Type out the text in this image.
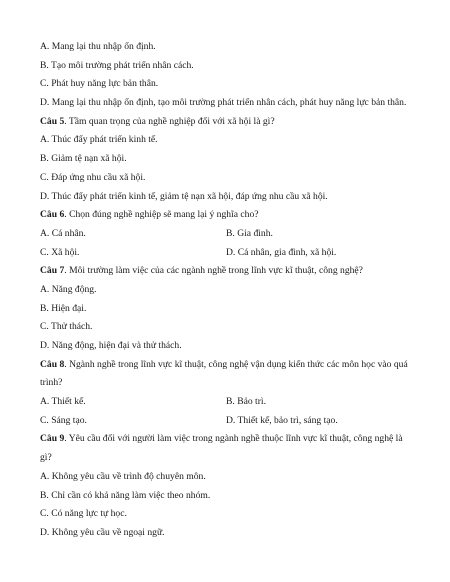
A. Mang lại thu nhập ổn định.
B. Tạo môi trường phát triển nhân cách.
C. Phát huy năng lực bản thân.
D. Mang lại thu nhập ổn định, tạo môi trường phát triển nhân cách, phát huy năng lực bản thân.
Câu 5. Tầm quan trọng của nghề nghiệp đối với xã hội là gì?
A. Thúc đẩy phát triển kinh tế.
B. Giảm tệ nạn xã hội.
C. Đáp ứng nhu cầu xã hội.
D. Thúc đẩy phát triển kinh tế, giảm tệ nạn xã hội, đáp ứng nhu cầu xã hội.
Câu 6. Chọn đúng nghề nghiệp sẽ mang lại ý nghĩa cho?
A. Cá nhân.	B. Gia đình.
C. Xã hội.	D. Cá nhân, gia đình, xã hội.
Câu 7. Môi trường làm việc của các ngành nghề trong lĩnh vực kĩ thuật, công nghệ?
A. Năng động.
B. Hiện đại.
C. Thử thách.
D. Năng động, hiện đại và thử thách.
Câu 8. Ngành nghề trong lĩnh vực kĩ thuật, công nghệ vận dụng kiến thức các môn học vào quá trình?
A. Thiết kế.	B. Bảo trì.
C. Sáng tạo.	D. Thiết kế, bảo trì, sáng tạo.
Câu 9. Yêu cầu đối với người làm việc trong ngành nghề thuộc lĩnh vực kĩ thuật, công nghệ là gì?
A. Không yêu cầu về trình độ chuyên môn.
B. Chỉ cần có khả năng làm việc theo nhóm.
C. Có năng lực tự học.
D. Không yêu cầu về ngoại ngữ.
